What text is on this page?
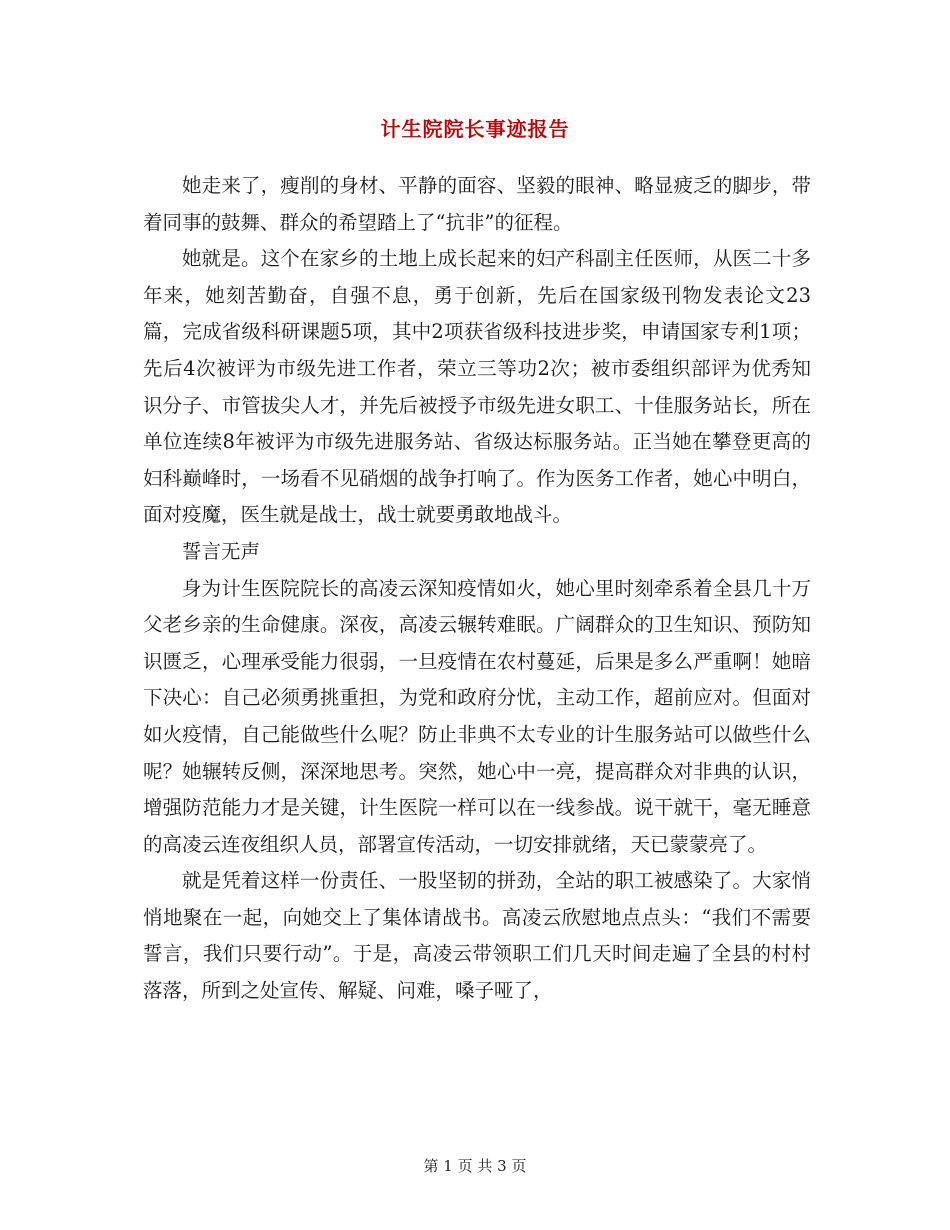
计生院院长事迹报告

她走来了，瘦削的身材、平静的面容、坚毅的眼神、略显疲乏的脚步，带着同事的鼓舞、群众的希望踏上了“抗非”的征程。

她就是。这个在家乡的土地上成长起来的妇产科副主任医师，从医二十多年来，她刻苦勤奋，自强不息，勇于创新，先后在国家级刊物发表论文23篇，完成省级科研课题5项，其中2项获省级科技进步奖，申请国家专利1项；先后4次被评为市级先进工作者，荣立三等功2次；被市委组织部评为优秀知识分子、市管拔尖人才，并先后被授予市级先进女职工、十佳服务站长，所在单位连续8年被评为市级先进服务站、省级达标服务站。正当她在攀登更高的妇科巅峰时，一场看不见硝烟的战争打响了。作为医务工作者，她心中明白，面对疫魔，医生就是战士，战士就要勇敢地战斗。

誓言无声

身为计生医院院长的高凌云深知疫情如火，她心里时刻牵系着全县几十万父老乡亲的生命健康。深夜，高凌云辗转难眠。广阔群众的卫生知识、预防知识匮乏，心理承受能力很弱，一旦疫情在农村蔓延，后果是多么严重啊！她暗下决心：自己必须勇挑重担，为党和政府分忧，主动工作，超前应对。但面对如火疫情，自己能做些什么呢？防止非典不太专业的计生服务站可以做些什么呢？她辗转反侧，深深地思考。突然，她心中一亮，提高群众对非典的认识，增强防范能力才是关键，计生医院一样可以在一线参战。说干就干，毫无睡意的高凌云连夜组织人员，部署宣传活动，一切安排就绪，天已蒙蒙亮了。

就是凭着这样一份责任、一股坚韧的拼劲，全站的职工被感染了。大家悄悄地聚在一起，向她交上了集体请战书。高凌云欣慰地点点头：“我们不需要誓言，我们只要行动”。于是，高凌云带领职工们几天时间走遍了全县的村村落落，所到之处宣传、解疑、问难，嗓子哑了，

第 1 页 共 3 页
